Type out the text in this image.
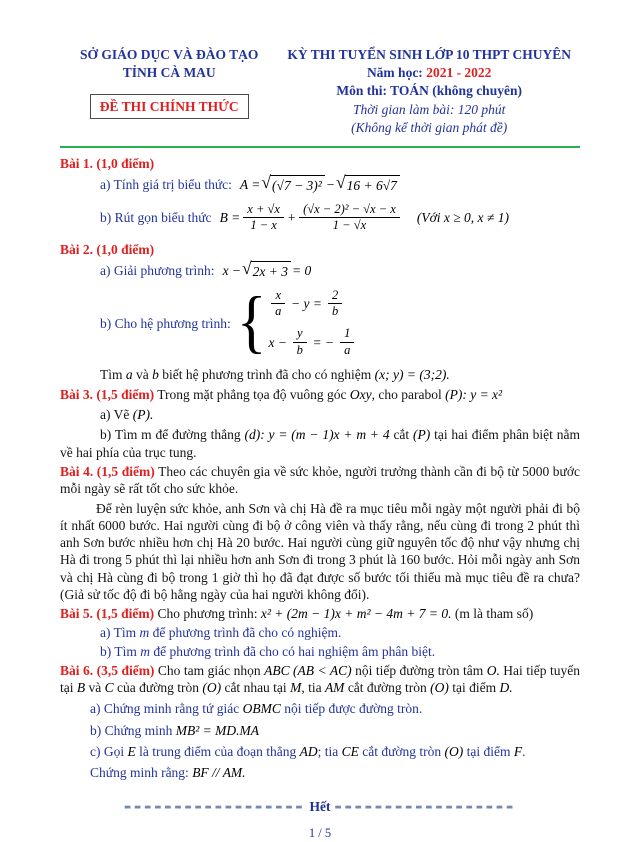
SỞ GIÁO DỤC VÀ ĐÀO TẠO
TỈNH CÀ MAU
ĐỀ THI CHÍNH THỨC
KỲ THI TUYỂN SINH LỚP 10 THPT CHUYÊN
Năm học: 2021 - 2022
Môn thi: TOÁN (không chuyên)
Thời gian làm bài: 120 phút
(Không kể thời gian phát đề)
Bài 1. (1,0 điểm)
a) Tính giá trị biểu thức: A = √ (√7 − 3)² − √ 16 + 6√7
b) Rút gọn biểu thức $B = \frac{x + √x}{1 - x} + \frac{\text{(√x − 2)² − √x − x}}{1 - √x}$ (Với x ≥ 0, x ≠ 1)
Bài 2. (1,0 điểm)
a) Giải phương trình: x − √ 2x + 3 = 0
b) Cho hệ phương trình: { $\frac{x}{a} - y = \frac{2}{b}$
$x - \frac{y}{b}$ = − $\frac{1}{a}$
Tìm a và b biết hệ phương trình đã cho có nghiệm (x; y) = (3;2).
Bài 3. (1,5 điểm) Trong mặt phẳng tọa độ vuông góc Oxy, cho parabol (P): y = x²
a) Vẽ (P).
b) Tìm m để đường thẳng (d): y = (m − 1)x + m + 4 cắt (P) tại hai điểm phân biệt nằm về hai phía của trục tung.
Bài 4. (1,5 điểm) Theo các chuyên gia về sức khỏe, người trưởng thành cần đi bộ từ 5000 bước mỗi ngày sẽ rất tốt cho sức khỏe.
Để rèn luyện sức khỏe, anh Sơn và chị Hà đề ra mục tiêu mỗi ngày một người phải đi bộ ít nhất 6000 bước. Hai người cùng đi bộ ở công viên và thấy rằng, nếu cùng đi trong 2 phút thì anh Sơn bước nhiều hơn chị Hà 20 bước. Hai người cùng giữ nguyên tốc độ như vậy nhưng chị Hà đi trong 5 phút thì lại nhiều hơn anh Sơn đi trong 3 phút là 160 bước. Hỏi mỗi ngày anh Sơn và chị Hà cùng đi bộ trong 1 giờ thì họ đã đạt được số bước tối thiểu mà mục tiêu đề ra chưa? (Giả sử tốc độ đi bộ hằng ngày của hai người không đổi).
Bài 5. (1,5 điểm) Cho phương trình: x² + (2m − 1)x + m² − 4m + 7 = 0. (m là tham số)
a) Tìm m để phương trình đã cho có nghiệm.
b) Tìm m để phương trình đã cho có hai nghiệm âm phân biệt.
Bài 6. (3,5 điểm) Cho tam giác nhọn ABC (AB < AC) nội tiếp đường tròn tâm O. Hai tiếp tuyến tại B và C của đường tròn (O) cắt nhau tại M, tia AM cắt đường tròn (O) tại điểm D.
a) Chứng minh rằng tứ giác OBMC nội tiếp được đường tròn.
b) Chứng minh MB² = MD.MA
c) Gọi E là trung điểm của đoạn thẳng AD; tia CE cắt đường tròn (O) tại điểm F.
Chứng minh rằng: BF // AM.
▬▬▬▬▬▬▬▬▬▬▬▬▬▬▬▬▬▬ Hết ▬▬▬▬▬▬▬▬▬▬▬▬▬▬▬▬▬▬
1 / 5
